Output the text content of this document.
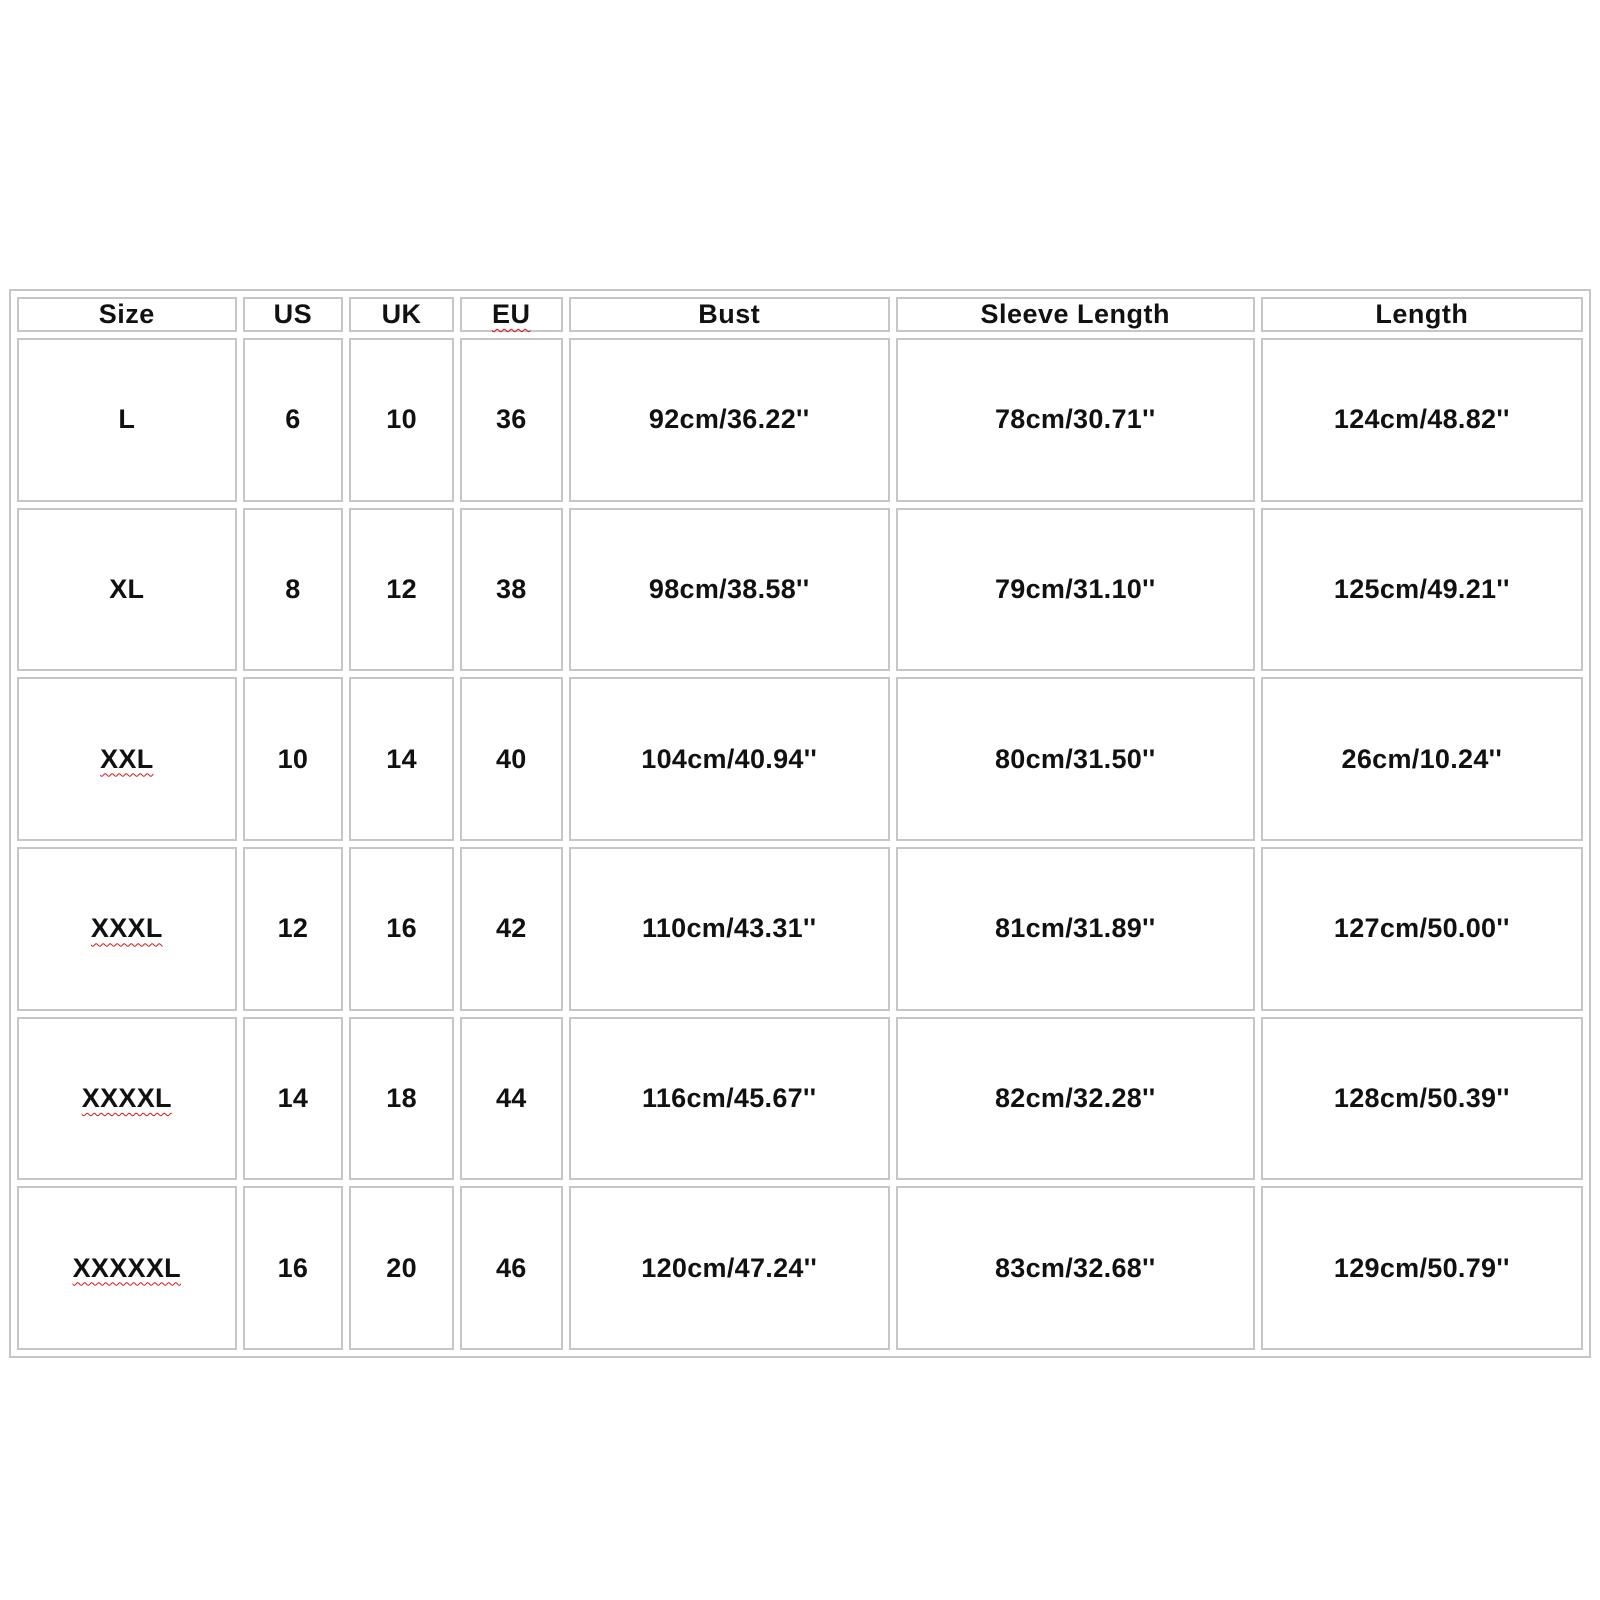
Size	US	UK	EU	Bust	Sleeve Length	Length
L	6	10	36	92cm/36.22''	78cm/30.71''	124cm/48.82''
XL	8	12	38	98cm/38.58''	79cm/31.10''	125cm/49.21''
XXL	10	14	40	104cm/40.94''	80cm/31.50''	26cm/10.24''
XXXL	12	16	42	110cm/43.31''	81cm/31.89''	127cm/50.00''
XXXXL	14	18	44	116cm/45.67''	82cm/32.28''	128cm/50.39''
XXXXXL	16	20	46	120cm/47.24''	83cm/32.68''	129cm/50.79''
